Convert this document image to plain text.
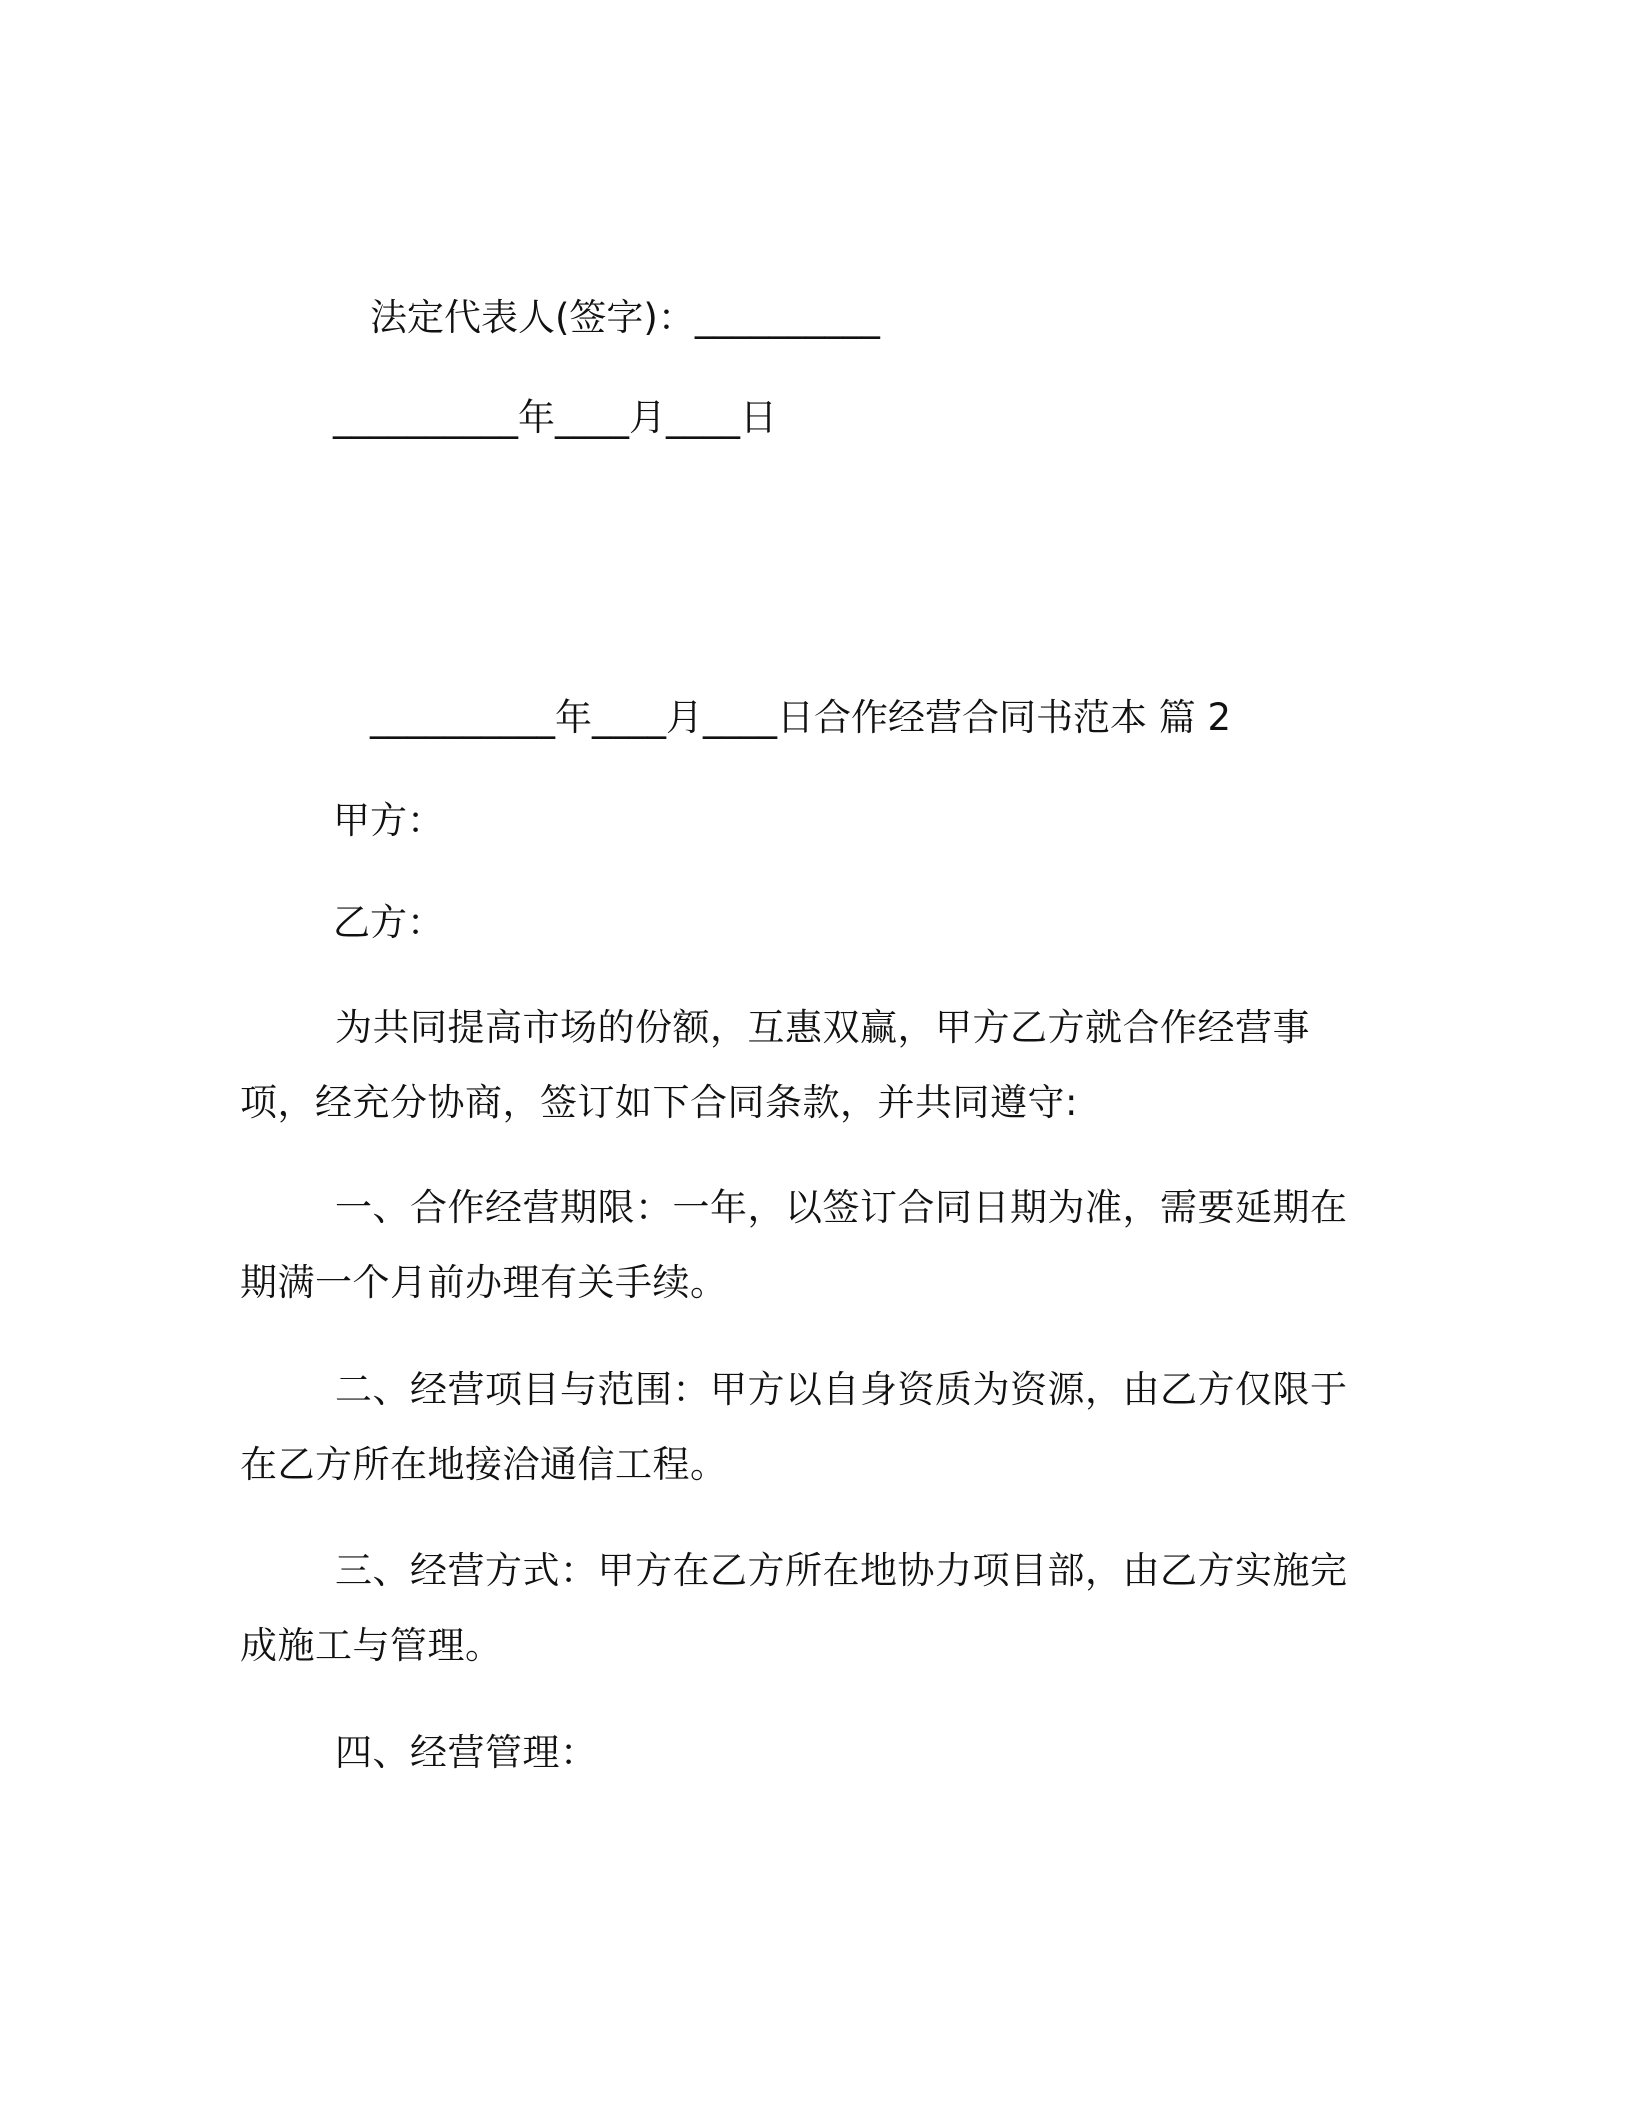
法定代表人(签字)：__________
__________年____月____日
__________年____月____日合作经营合同书范本 篇 2
甲方：
乙方：
为共同提高市场的份额，互惠双赢，甲方乙方就合作经营事项，经充分协商，签订如下合同条款，并共同遵守:
一、合作经营期限：一年，以签订合同日期为准，需要延期在期满一个月前办理有关手续。
二、经营项目与范围：甲方以自身资质为资源，由乙方仅限于在乙方所在地接洽通信工程。
三、经营方式：甲方在乙方所在地协力项目部，由乙方实施完成施工与管理。
四、经营管理：
